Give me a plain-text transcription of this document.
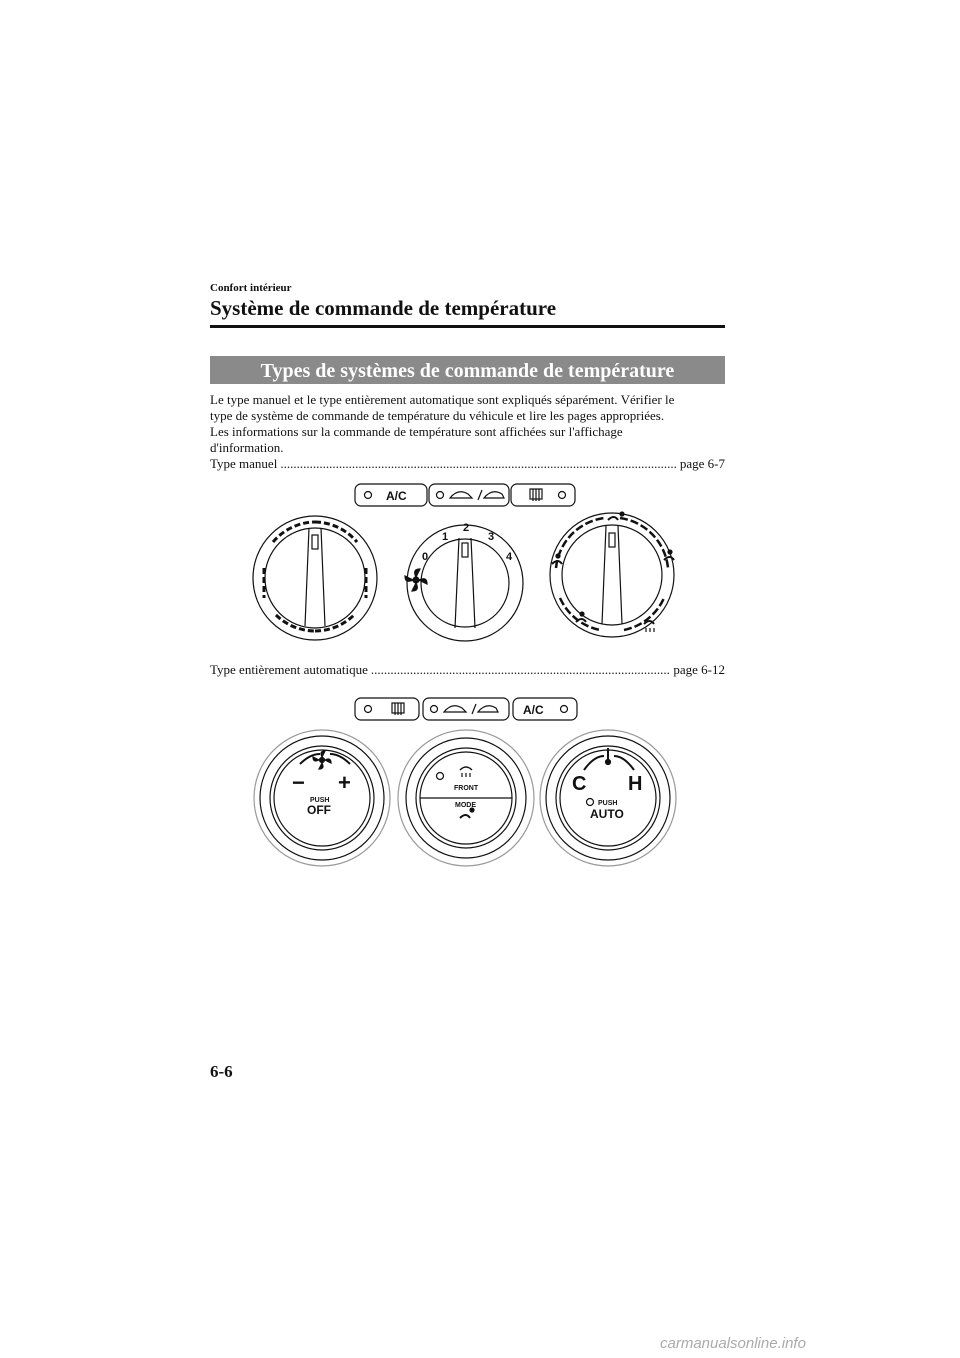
Confort intérieur
Système de commande de température
Types de systèmes de commande de température

Le type manuel et le type entièrement automatique sont expliqués séparément. Vérifier le

type de système de commande de température du véhicule et lire les pages appropriées.

Les informations sur la commande de température sont affichées sur l'affichage

d'information.

Type manuel .....	page 6-7
A/C
0
1
2
3
4
Type entièrement automatique .....	page 6-12
A/C
− +
PUSH
OFF
FRONT
MODE
C H
PUSH
AUTO
6-6
carmanualsonline.info
